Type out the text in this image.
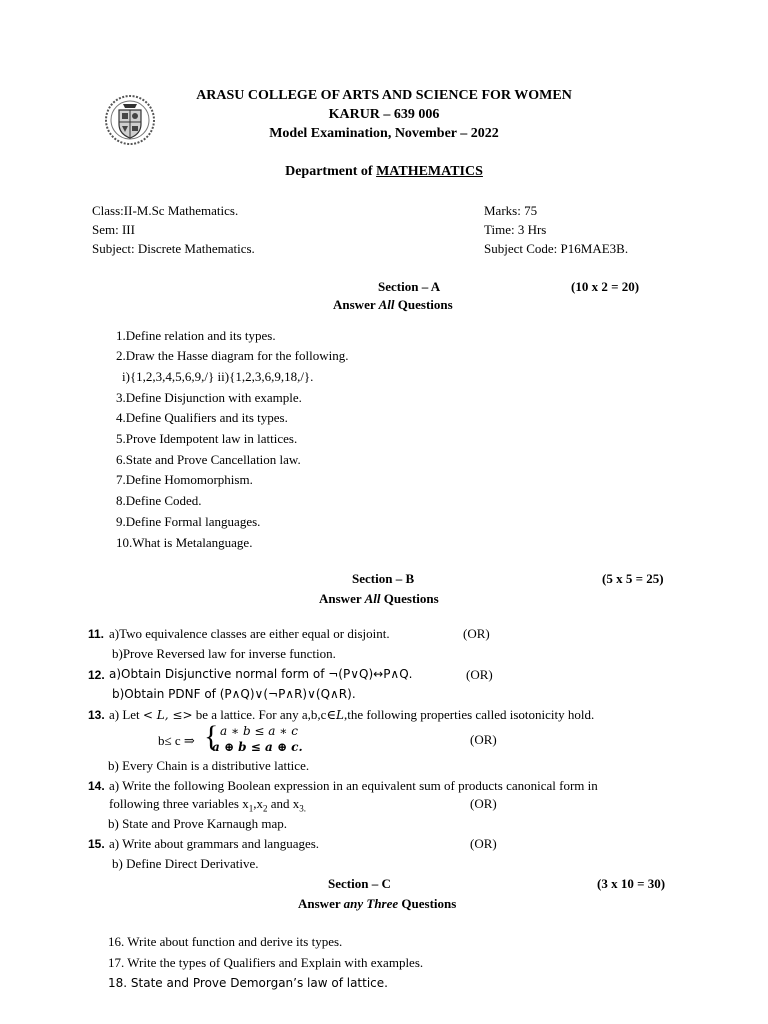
ARASU COLLEGE OF ARTS AND SCIENCE FOR WOMEN
KARUR – 639 006
Model Examination, November – 2022
Department of MATHEMATICS
Class:II-M.Sc Mathematics.	Marks: 75
Sem: III	Time: 3 Hrs
Subject: Discrete Mathematics.	Subject Code: P16MAE3B.
Section – A	(10 x 2 = 20)
Answer All Questions
1.Define relation and its types.
2.Draw the Hasse diagram for the following.
i){1,2,3,4,5,6,9,/} ii){1,2,3,6,9,18,/}.
3.Define Disjunction with example.
4.Define Qualifiers and its types.
5.Prove Idempotent law in lattices.
6.State and Prove Cancellation law.
7.Define Homomorphism.
8.Define Coded.
9.Define Formal languages.
10.What is Metalanguage.
Section – B	(5 x 5 = 25)
Answer All Questions
11. a)Two equivalence classes are either equal or disjoint.	(OR)
b)Prove Reversed law for inverse function.
12. a)Obtain Disjunctive normal form of ¬(P∨Q)↔P∧Q.	(OR)
b)Obtain PDNF of (P∧Q)∨(¬P∧R)∨(Q∧R).
13. a) Let < L, ≤> be a lattice. For any a,b,c∈L,the following properties called isotonicity hold.
b≤ c ⇒ { a ∗ b ≤ a ∗ c
a ⊕ b ≤ a ⊕ c.	(OR)
b) Every Chain is a distributive lattice.
14. a) Write the following Boolean expression in an equivalent sum of products canonical form in
following three variables $x_1,x_2$ and $x_{3.}$	(OR)
b) State and Prove Karnaugh map.
15. a) Write about grammars and languages.	(OR)
b) Define Direct Derivative.
Section – C	(3 x 10 = 30)
Answer any Three Questions
16. Write about function and derive its types.
17. Write the types of Qualifiers and Explain with examples.
18. State and Prove Demorgan’s law of lattice.
